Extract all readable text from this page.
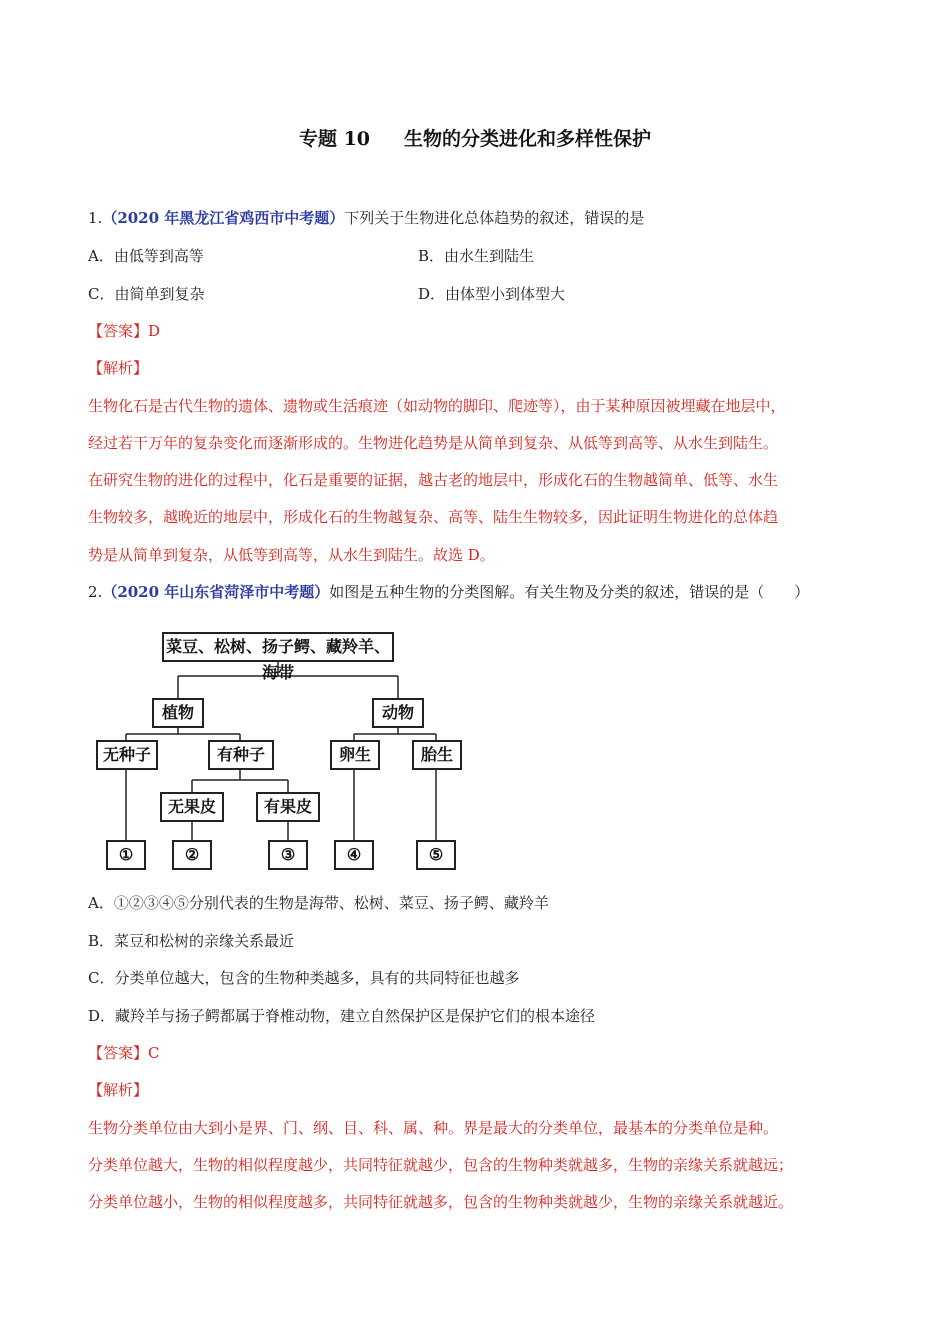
专题 10 生物的分类进化和多样性保护
1.（2020 年黑龙江省鸡西市中考题）下列关于生物进化总体趋势的叙述，错误的是
A．由低等到高等	B．由水生到陆生
C．由简单到复杂	D．由体型小到体型大
【答案】D
【解析】
生物化石是古代生物的遗体、遗物或生活痕迹（如动物的脚印、爬迹等），由于某种原因被埋藏在地层中，
经过若干万年的复杂变化而逐渐形成的。生物进化趋势是从简单到复杂、从低等到高等、从水生到陆生。
在研究生物的进化的过程中，化石是重要的证据，越古老的地层中，形成化石的生物越简单、低等、水生
生物较多，越晚近的地层中，形成化石的生物越复杂、高等、陆生生物较多，因此证明生物进化的总体趋
势是从简单到复杂，从低等到高等，从水生到陆生。故选 D。
2.（2020 年山东省菏泽市中考题）如图是五种生物的分类图解。有关生物及分类的叙述，错误的是（　　）
菜豆、松树、扬子鳄、藏羚羊、海带
植物	动物
无种子	有种子	卵生	胎生
无果皮	有果皮
①	②	③	④	⑤
A．①②③④⑤分别代表的生物是海带、松树、菜豆、扬子鳄、藏羚羊
B．菜豆和松树的亲缘关系最近
C．分类单位越大，包含的生物种类越多，具有的共同特征也越多
D．藏羚羊与扬子鳄都属于脊椎动物，建立自然保护区是保护它们的根本途径
【答案】C
【解析】
生物分类单位由大到小是界、门、纲、目、科、属、种。界是最大的分类单位，最基本的分类单位是种。
分类单位越大，生物的相似程度越少，共同特征就越少，包含的生物种类就越多，生物的亲缘关系就越远；
分类单位越小，生物的相似程度越多，共同特征就越多，包含的生物种类就越少，生物的亲缘关系就越近。
